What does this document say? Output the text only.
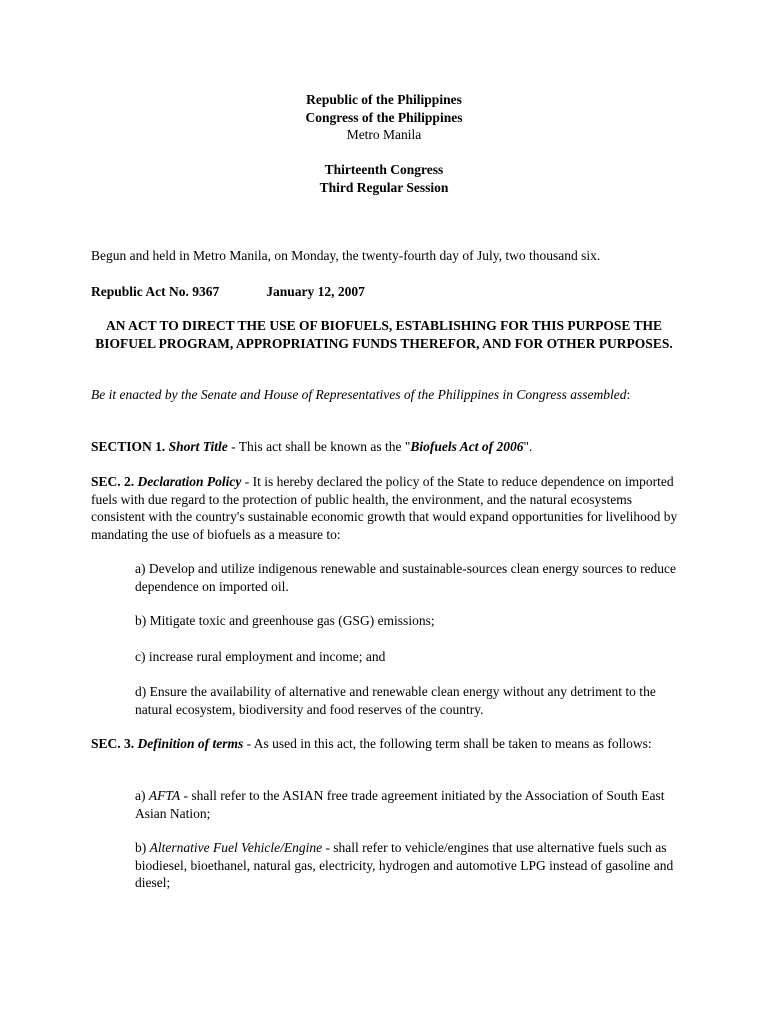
Republic of the Philippines
Congress of the Philippines
Metro Manila
Thirteenth Congress
Third Regular Session
Begun and held in Metro Manila, on Monday, the twenty-fourth day of July, two thousand six.
Republic Act No. 9367	January 12, 2007
AN ACT TO DIRECT THE USE OF BIOFUELS, ESTABLISHING FOR THIS PURPOSE THE BIOFUEL PROGRAM, APPROPRIATING FUNDS THEREFOR, AND FOR OTHER PURPOSES.
Be it enacted by the Senate and House of Representatives of the Philippines in Congress assembled:
SECTION 1. Short Title - This act shall be known as the "Biofuels Act of 2006".
SEC. 2. Declaration Policy - It is hereby declared the policy of the State to reduce dependence on imported fuels with due regard to the protection of public health, the environment, and the natural ecosystems consistent with the country's sustainable economic growth that would expand opportunities for livelihood by mandating the use of biofuels as a measure to:
a) Develop and utilize indigenous renewable and sustainable-sources clean energy sources to reduce dependence on imported oil.
b) Mitigate toxic and greenhouse gas (GSG) emissions;
c) increase rural employment and income; and
d) Ensure the availability of alternative and renewable clean energy without any detriment to the natural ecosystem, biodiversity and food reserves of the country.
SEC. 3. Definition of terms - As used in this act, the following term shall be taken to means as follows:
a) AFTA - shall refer to the ASIAN free trade agreement initiated by the Association of South East Asian Nation;
b) Alternative Fuel Vehicle/Engine - shall refer to vehicle/engines that use alternative fuels such as biodiesel, bioethanel, natural gas, electricity, hydrogen and automotive LPG instead of gasoline and diesel;
